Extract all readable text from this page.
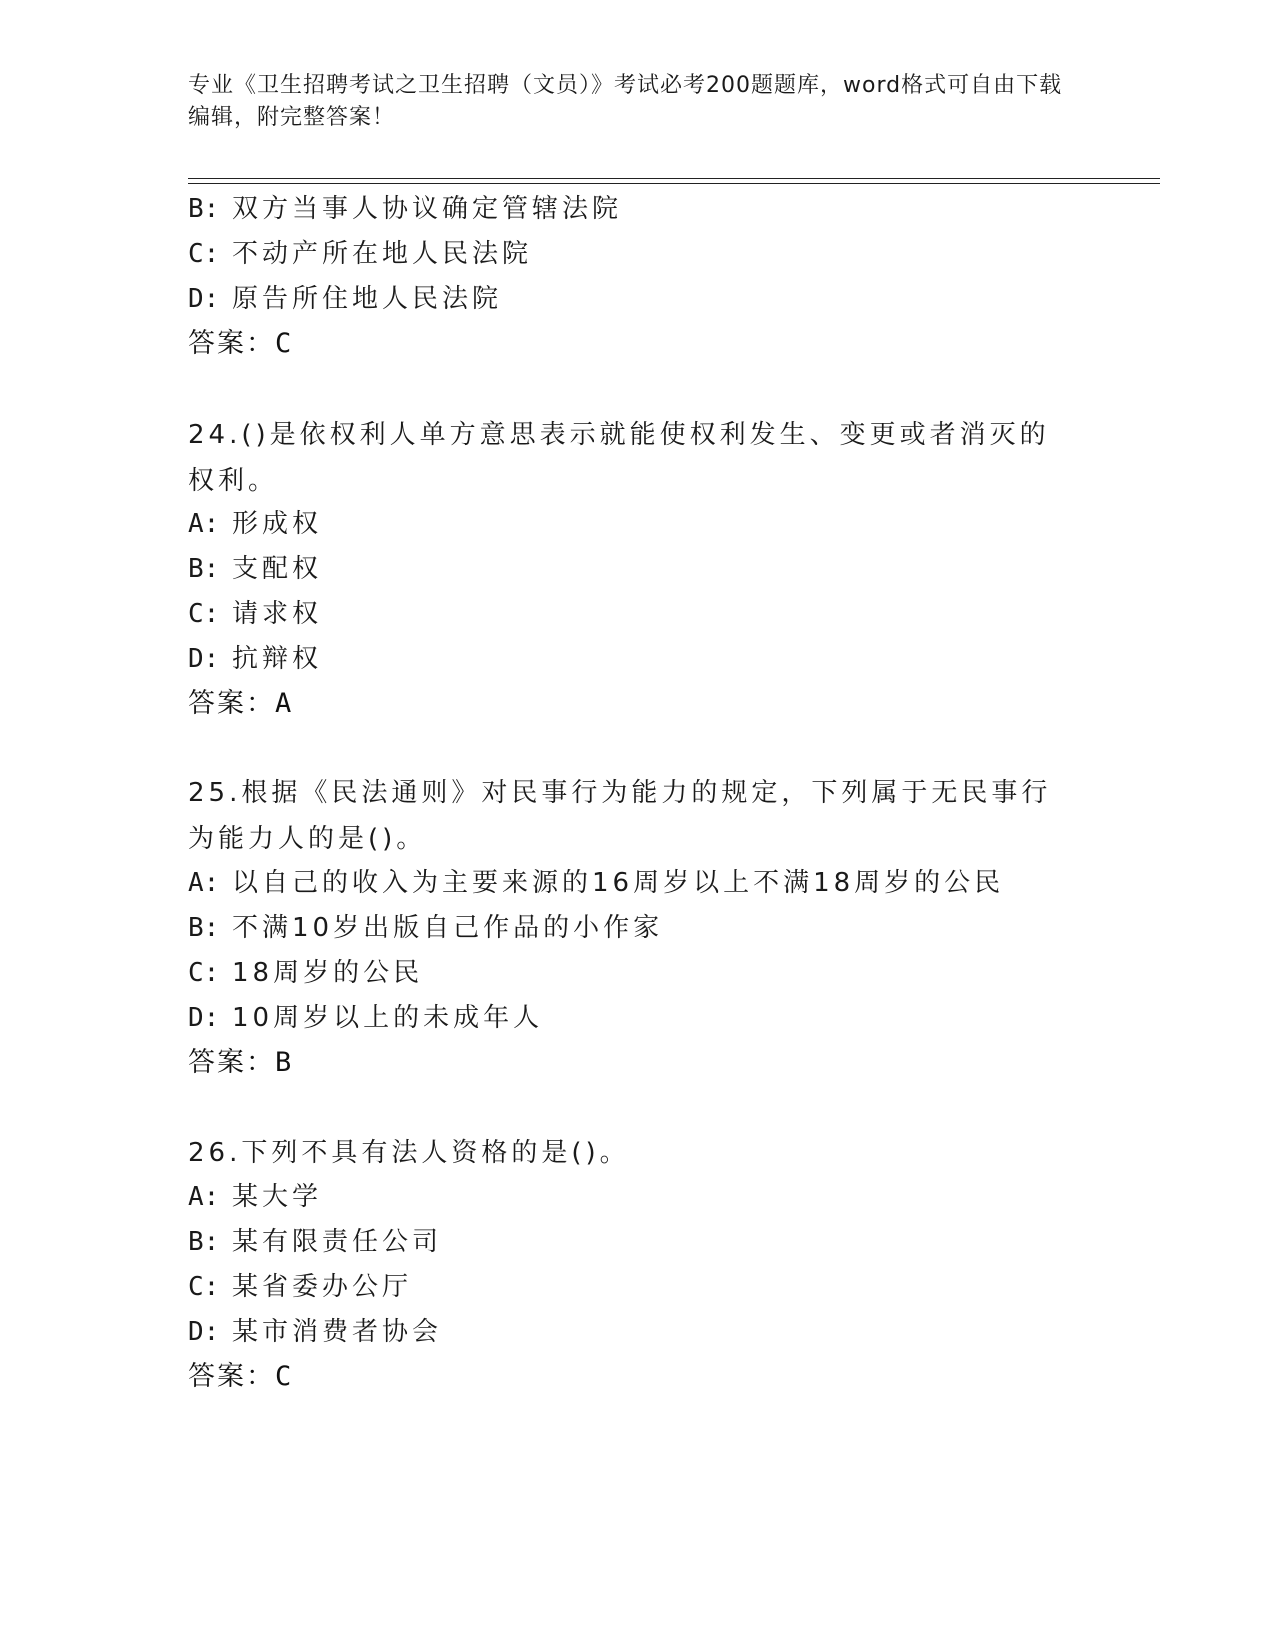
专业《卫生招聘考试之卫生招聘（文员）》考试必考200题题库，word格式可自由下载编辑，附完整答案！
B: 双方当事人协议确定管辖法院
C: 不动产所在地人民法院
D: 原告所住地人民法院
答案：C
24.()是依权利人单方意思表示就能使权利发生、变更或者消灭的权利。
A: 形成权
B: 支配权
C: 请求权
D: 抗辩权
答案：A
25.根据《民法通则》对民事行为能力的规定，下列属于无民事行为能力人的是()。
A: 以自己的收入为主要来源的16周岁以上不满18周岁的公民
B: 不满10岁出版自己作品的小作家
C: 18周岁的公民
D: 10周岁以上的未成年人
答案：B
26.下列不具有法人资格的是()。
A: 某大学
B: 某有限责任公司
C: 某省委办公厅
D: 某市消费者协会
答案：C
